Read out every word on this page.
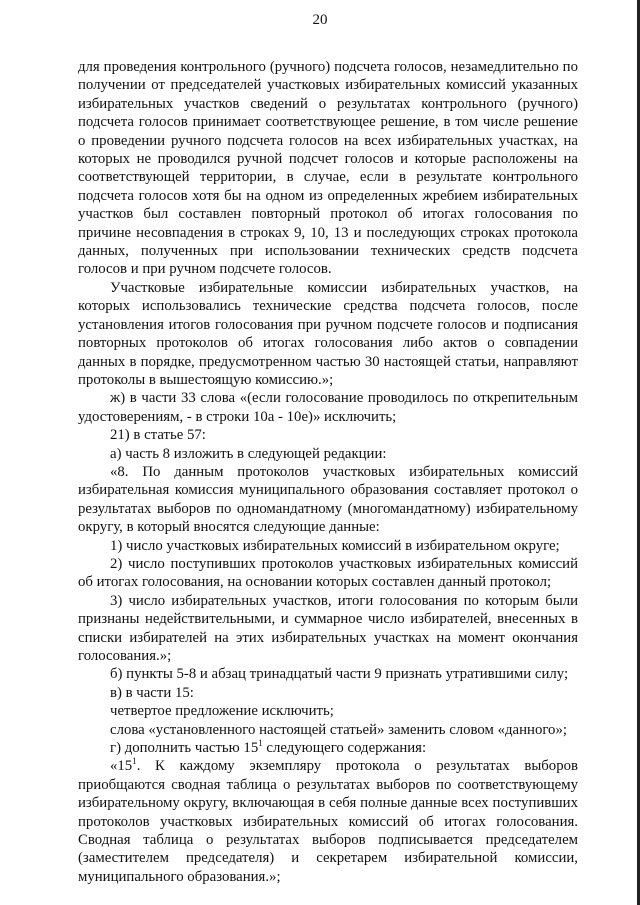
20

для проведения контрольного (ручного) подсчета голосов, незамедлительно по получении от председателей участковых избирательных комиссий указанных избирательных участков сведений о результатах контрольного (ручного) подсчета голосов принимает соответствующее решение, в том числе решение о проведении ручного подсчета голосов на всех избирательных участках, на которых не проводился ручной подсчет голосов и которые расположены на соответствующей территории, в случае, если в результате контрольного подсчета голосов хотя бы на одном из определенных жребием избирательных участков был составлен повторный протокол об итогах голосования по причине несовпадения в строках 9, 10, 13 и последующих строках протокола данных, полученных при использовании технических средств подсчета голосов и при ручном подсчете голосов.

Участковые избирательные комиссии избирательных участков, на которых использовались технические средства подсчета голосов, после установления итогов голосования при ручном подсчете голосов и подписания повторных протоколов об итогах голосования либо актов о совпадении данных в порядке, предусмотренном частью 30 настоящей статьи, направляют протоколы в вышестоящую комиссию.»;

ж) в части 33 слова «(если голосование проводилось по открепительным удостоверениям, - в строки 10а - 10е)» исключить;

21) в статье 57:

а) часть 8 изложить в следующей редакции:

«8. По данным протоколов участковых избирательных комиссий избирательная комиссия муниципального образования составляет протокол о результатах выборов по одномандатному (многомандатному) избирательному округу, в который вносятся следующие данные:

1) число участковых избирательных комиссий в избирательном округе;

2) число поступивших протоколов участковых избирательных комиссий об итогах голосования, на основании которых составлен данный протокол;

3) число избирательных участков, итоги голосования по которым были признаны недействительными, и суммарное число избирателей, внесенных в списки избирателей на этих избирательных участках на момент окончания голосования.»;

б) пункты 5-8 и абзац тринадцатый части 9 признать утратившими силу;

в) в части 15:

четвертое предложение исключить;

слова «установленного настоящей статьей» заменить словом «данного»;

г) дополнить частью $15^1$ следующего содержания:

«$15^1$. К каждому экземпляру протокола о результатах выборов приобщаются сводная таблица о результатах выборов по соответствующему избирательному округу, включающая в себя полные данные всех поступивших протоколов участковых избирательных комиссий об итогах голосования. Сводная таблица о результатах выборов подписывается председателем (заместителем председателя) и секретарем избирательной комиссии, муниципального образования.»;
